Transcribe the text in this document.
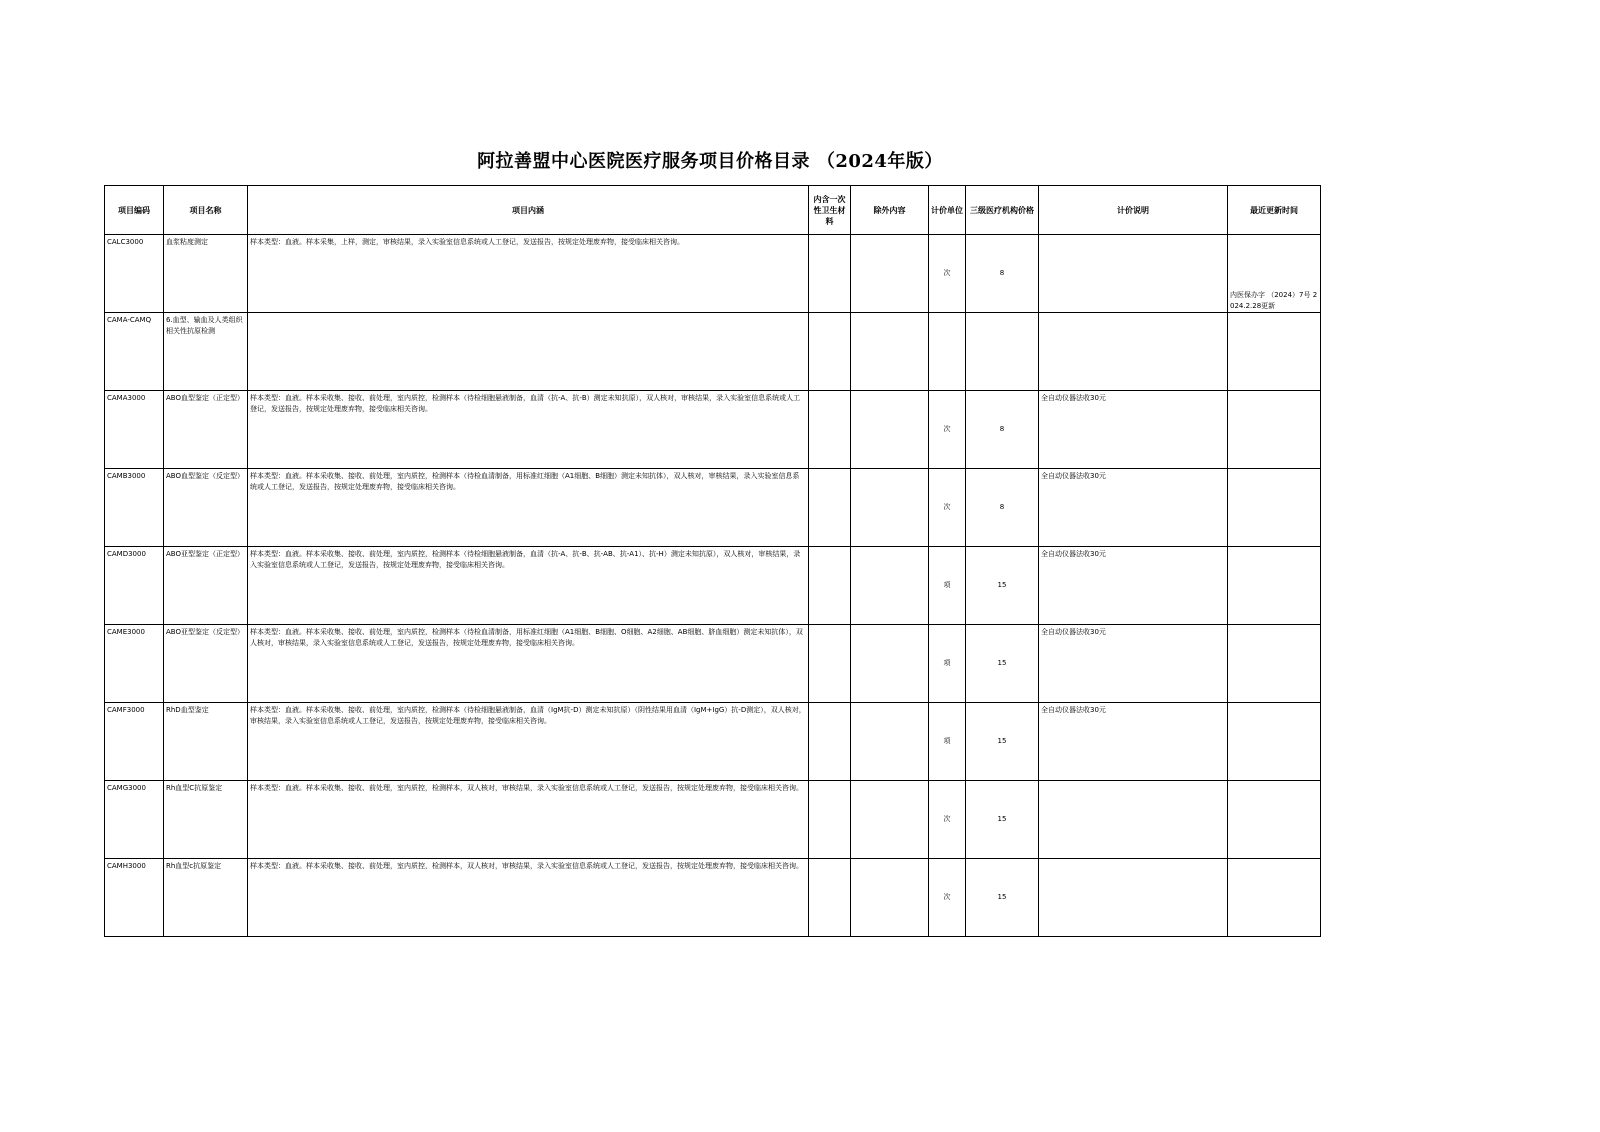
阿拉善盟中心医院医疗服务项目价格目录 （2024年版）
项目编码	项目名称	项目内涵	内含一次性卫生材料	除外内容	计价单位	三级医疗机构价格	计价说明	最近更新时间

CALC3000	血浆粘度测定	样本类型：血液。样本采集，上样，测定，审核结果，录入实验室信息系统或人工登记，发送报告，按规定处理废弃物，接受临床相关咨询。			次	8		内医保办字 （2024）7号 2024.2.28更新

CAMA-CAMQ	6.血型、输血及人类组织相关性抗原检测							

CAMA3000	ABO血型鉴定（正定型）	样本类型：血液。样本采收集、接收、前处理，室内质控，检测样本（待检细胞悬液制备，血清（抗-A、抗-B）测定未知抗原），双人核对，审核结果，录入实验室信息系统或人工登记，发送报告，按规定处理废弃物，接受临床相关咨询。			次	8	全自动仪器法收30元	

CAMB3000	ABO血型鉴定（反定型）	样本类型：血液。样本采收集、接收、前处理，室内质控，检测样本（待检血清制备，用标准红细胞（A1细胞、B细胞）测定未知抗体），双人核对，审核结果，录入实验室信息系统或人工登记，发送报告，按规定处理废弃物，接受临床相关咨询。			次	8	全自动仪器法收30元	

CAMD3000	ABO亚型鉴定（正定型）	样本类型：血液。样本采收集、接收、前处理，室内质控，检测样本（待检细胞悬液制备，血清（抗-A、抗-B、抗-AB、抗-A1）、抗-H）测定未知抗原），双人核对，审核结果，录入实验室信息系统或人工登记，发送报告，按规定处理废弃物，接受临床相关咨询。			项	15	全自动仪器法收30元	

CAME3000	ABO亚型鉴定（反定型）	样本类型：血液。样本采收集、接收、前处理，室内质控，检测样本（待检血清制备，用标准红细胞（A1细胞、B细胞、O细胞、A2细胞、AB细胞、脐血细胞）测定未知抗体），双人核对，审核结果，录入实验室信息系统或人工登记，发送报告，按规定处理废弃物，接受临床相关咨询。			项	15	全自动仪器法收30元	

CAMF3000	RhD血型鉴定	样本类型：血液。样本采收集、接收、前处理，室内质控，检测样本（待检细胞悬液制备，血清（IgM抗-D）测定未知抗原）（阴性结果用血清（IgM+IgG）抗-D测定），双人核对，审核结果，录入实验室信息系统或人工登记，发送报告，按规定处理废弃物，接受临床相关咨询。			项	15	全自动仪器法收30元	

CAMG3000	Rh血型C抗原鉴定	样本类型：血液。样本采收集、接收、前处理，室内质控，检测样本，双人核对，审核结果，录入实验室信息系统或人工登记，发送报告，按规定处理废弃物，接受临床相关咨询。			次	15		

CAMH3000	Rh血型c抗原鉴定	样本类型：血液。样本采收集、接收、前处理，室内质控，检测样本，双人核对，审核结果，录入实验室信息系统或人工登记，发送报告，按规定处理废弃物，接受临床相关咨询。			次	15		
